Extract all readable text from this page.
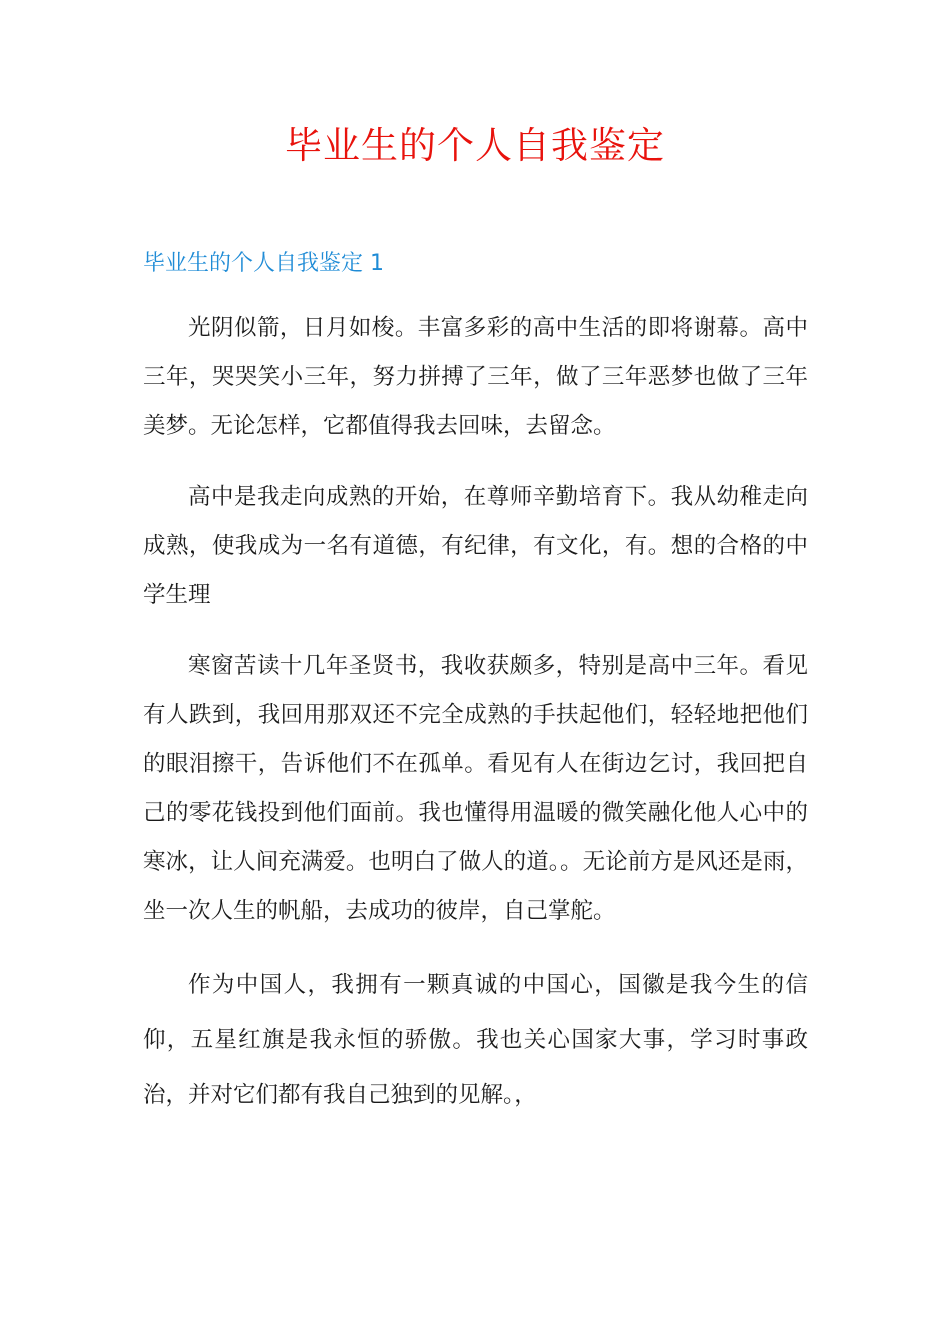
毕业生的个人自我鉴定
毕业生的个人自我鉴定 1

光阴似箭，日月如梭。丰富多彩的高中生活的即将谢幕。高中三年，哭哭笑小三年，努力拼搏了三年，做了三年恶梦也做了三年美梦。无论怎样，它都值得我去回味，去留念。

高中是我走向成熟的开始，在尊师辛勤培育下。我从幼稚走向成熟，使我成为一名有道德，有纪律，有文化，有。想的合格的中学生理

寒窗苦读十几年圣贤书，我收获颇多，特别是高中三年。看见有人跌到，我回用那双还不完全成熟的手扶起他们，轻轻地把他们的眼泪擦干，告诉他们不在孤单。看见有人在街边乞讨，我回把自己的零花钱投到他们面前。我也懂得用温暖的微笑融化他人心中的寒冰，让人间充满爱。也明白了做人的道。。无论前方是风还是雨，坐一次人生的帆船，去成功的彼岸，自己掌舵。

作为中国人，我拥有一颗真诚的中国心，国徽是我今生的信仰，五星红旗是我永恒的骄傲。我也关心国家大事，学习时事政治，并对它们都有我自己独到的见解。，
